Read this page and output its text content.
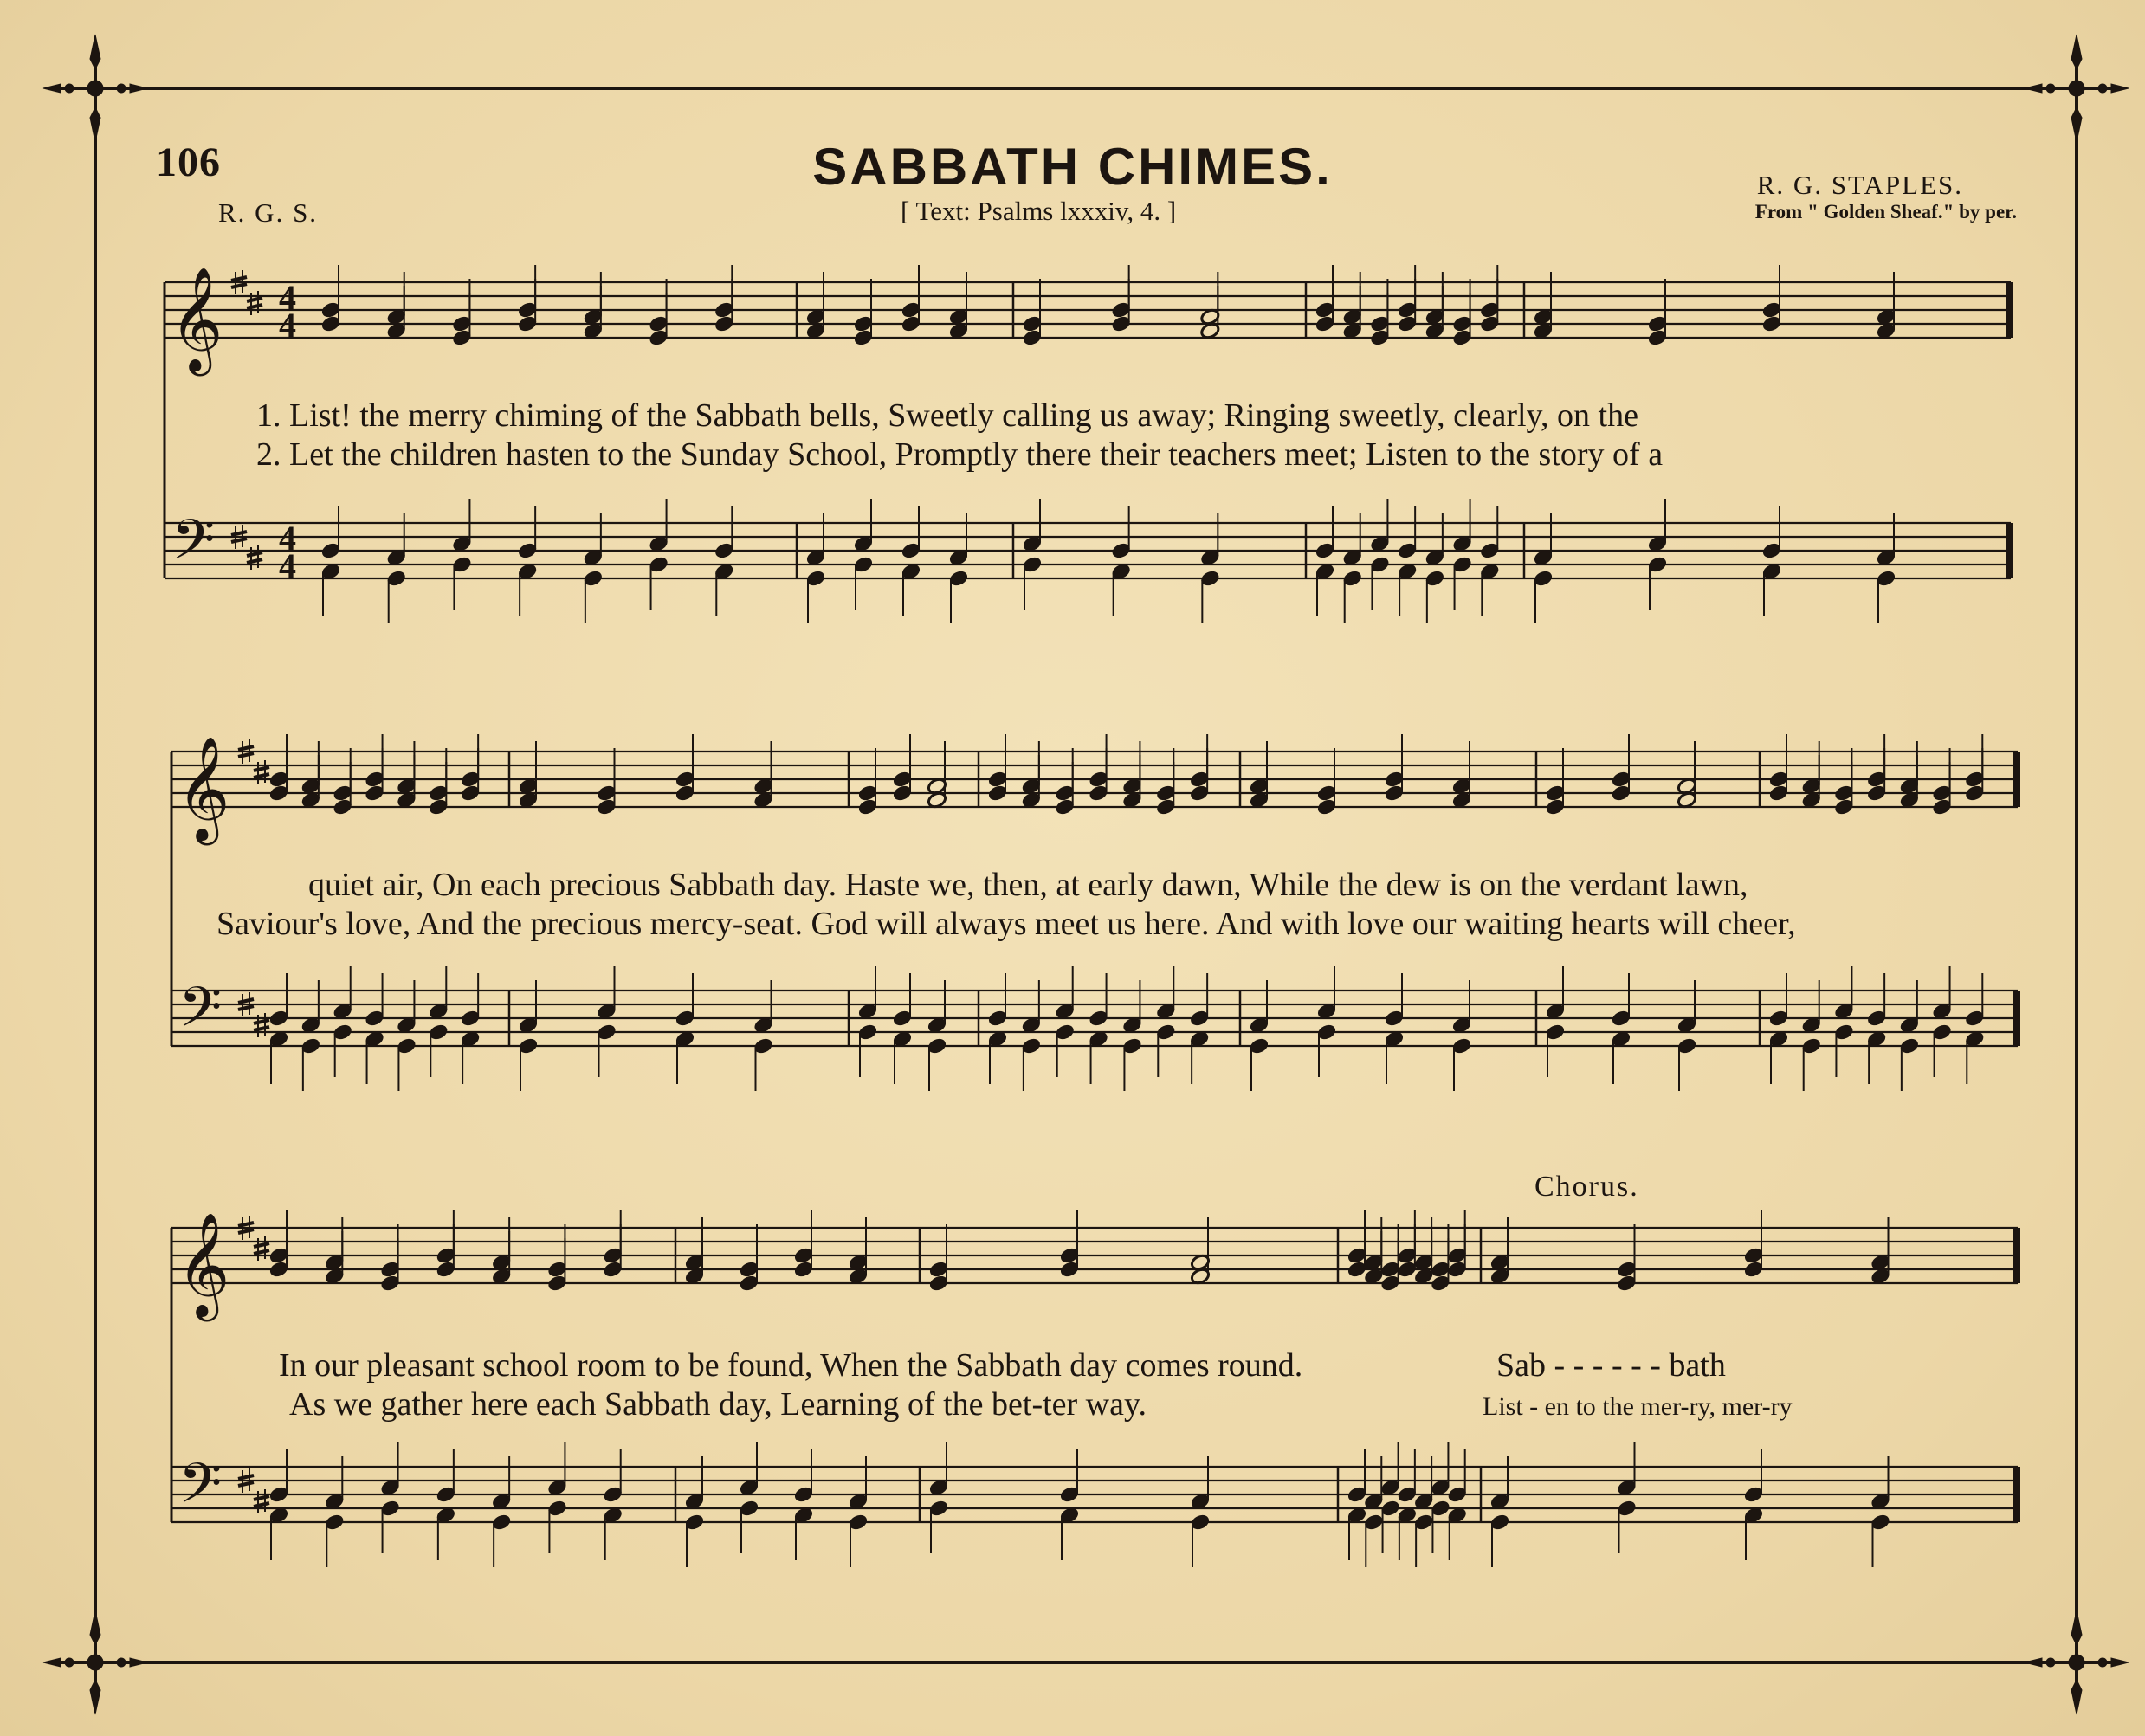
106	SABBATH CHIMES.
R. G. S.	[ Text: Psalms lxxxiv, 4. ]
R. G. STAPLES.
From " Golden Sheaf." by per.
𝄞
𝄢
4
4
4
4
𝄞
𝄢
𝄞
𝄢
1. List! the merry chiming of the Sabbath bells, Sweetly calling us away; Ringing sweetly, clearly, on the
2. Let the children hasten to the Sunday School, Promptly there their teachers meet; Listen to the story of a
quiet air, On each precious Sabbath day. Haste we, then, at early dawn, While the dew is on the verdant lawn,
Saviour's love, And the precious mercy-seat. God will always meet us here. And with love our waiting hearts will cheer,
In our pleasant school room to be found, When the Sabbath day comes round.
As we gather here each Sabbath day, Learning of the bet-ter way.
Sab - - - - - - bath
List - en to the mer-ry, mer-ry
Chorus.
